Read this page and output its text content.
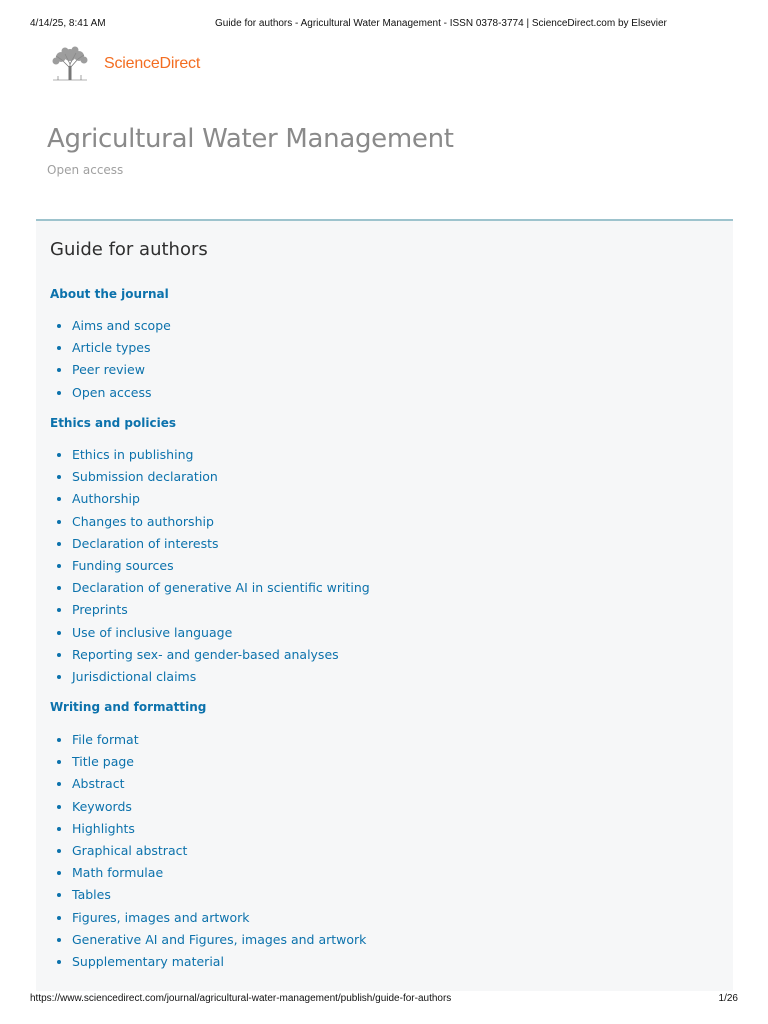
4/14/25, 8:41 AM	Guide for authors - Agricultural Water Management - ISSN 0378-3774 | ScienceDirect.com by Elsevier
ScienceDirect
Agricultural Water Management
Open access
Guide for authors
About the journal
Aims and scope
Article types
Peer review
Open access
Ethics and policies
Ethics in publishing
Submission declaration
Authorship
Changes to authorship
Declaration of interests
Funding sources
Declaration of generative AI in scientific writing
Preprints
Use of inclusive language
Reporting sex- and gender-based analyses
Jurisdictional claims
Writing and formatting
File format
Title page
Abstract
Keywords
Highlights
Graphical abstract
Math formulae
Tables
Figures, images and artwork
Generative AI and Figures, images and artwork
Supplementary material
https://www.sciencedirect.com/journal/agricultural-water-management/publish/guide-for-authors	1/26
